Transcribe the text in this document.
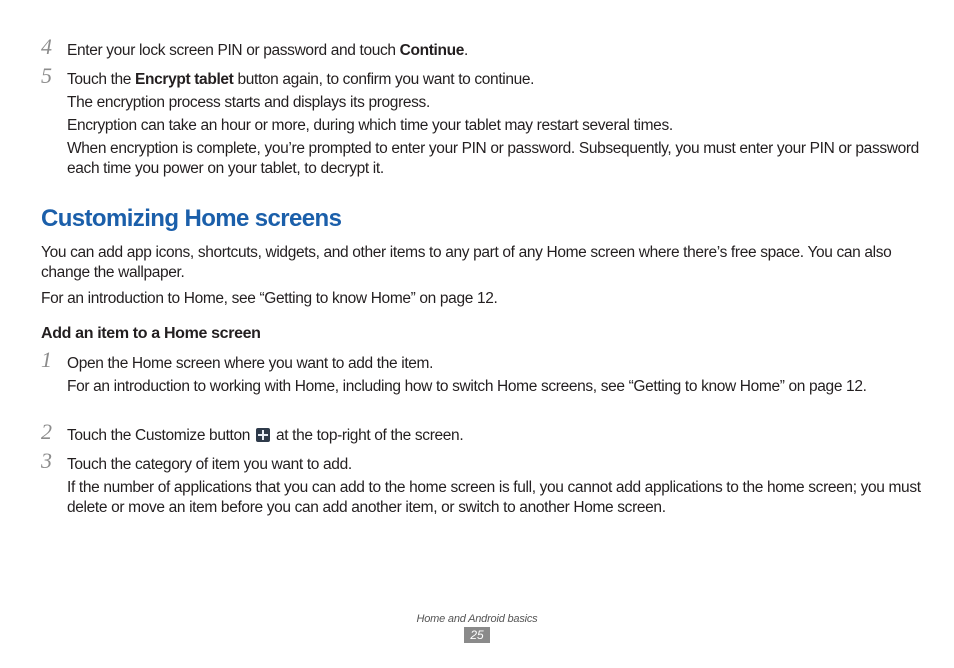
4 Enter your lock screen PIN or password and touch Continue.

5 Touch the Encrypt tablet button again, to confirm you want to continue.

The encryption process starts and displays its progress.

Encryption can take an hour or more, during which time your tablet may restart several times.

When encryption is complete, you’re prompted to enter your PIN or password. Subsequently, you must enter your PIN or password each time you power on your tablet, to decrypt it.

Customizing Home screens

You can add app icons, shortcuts, widgets, and other items to any part of any Home screen where there’s free space. You can also change the wallpaper.

For an introduction to Home, see “Getting to know Home” on page 12.

Add an item to a Home screen
1 Open the Home screen where you want to add the item.

For an introduction to working with Home, including how to switch Home screens, see “Getting to know Home” on page 12.

2 Touch the Customize button  at the top-right of the screen.

3 Touch the category of item you want to add.

If the number of applications that you can add to the home screen is full, you cannot add applications to the home screen; you must delete or move an item before you can add another item, or switch to another Home screen.

Home and Android basics
25
